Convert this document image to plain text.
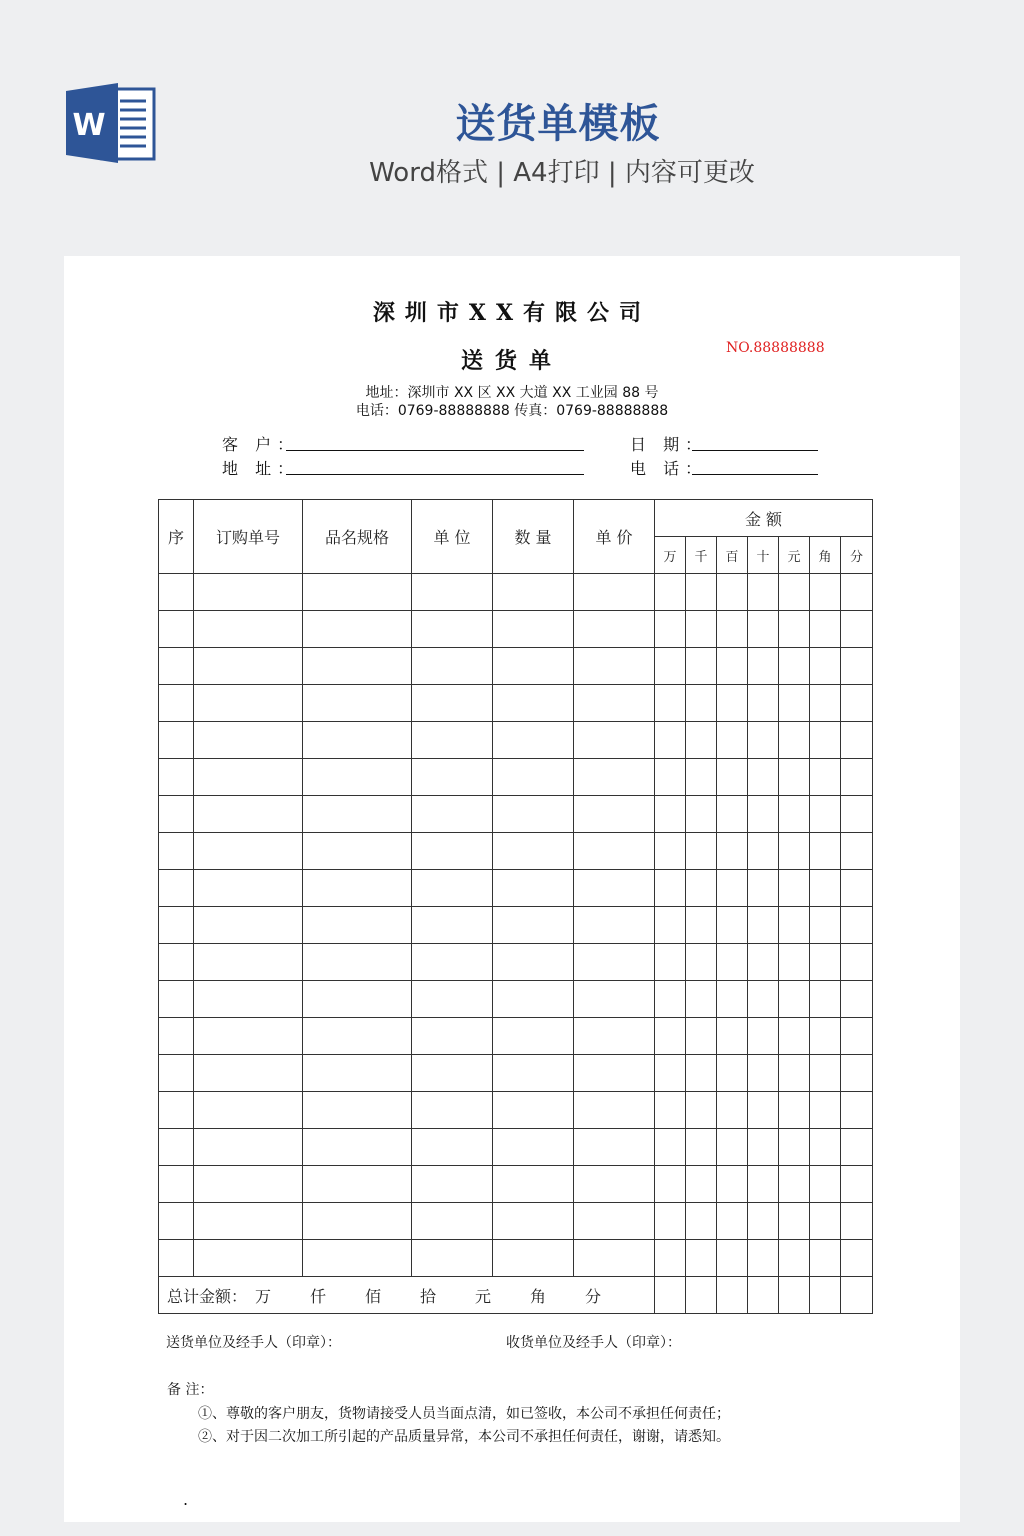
W	送货单模板
Word格式 | A4打印 | 内容可更改
深圳市XX有限公司
送货单	NO.88888888
地址：深圳市 XX 区 XX 大道 XX 工业园 88 号
电话：0769-88888888 传真：0769-88888888
客 户：
地 址：
日 期：
电 话：
序	订购单号	品名规格	单 位	数 量	单 价	金 额						
						万	千	百	十	元	角	分

总计金额： 万 仟 佰 拾 元 角 分												
送货单位及经手人（印章）：	收货单位及经手人（印章）：
备 注：
①、尊敬的客户朋友，货物请接受人员当面点清，如已签收，本公司不承担任何责任；
②、对于因二次加工所引起的产品质量异常，本公司不承担任何责任，谢谢，请悉知。
.
